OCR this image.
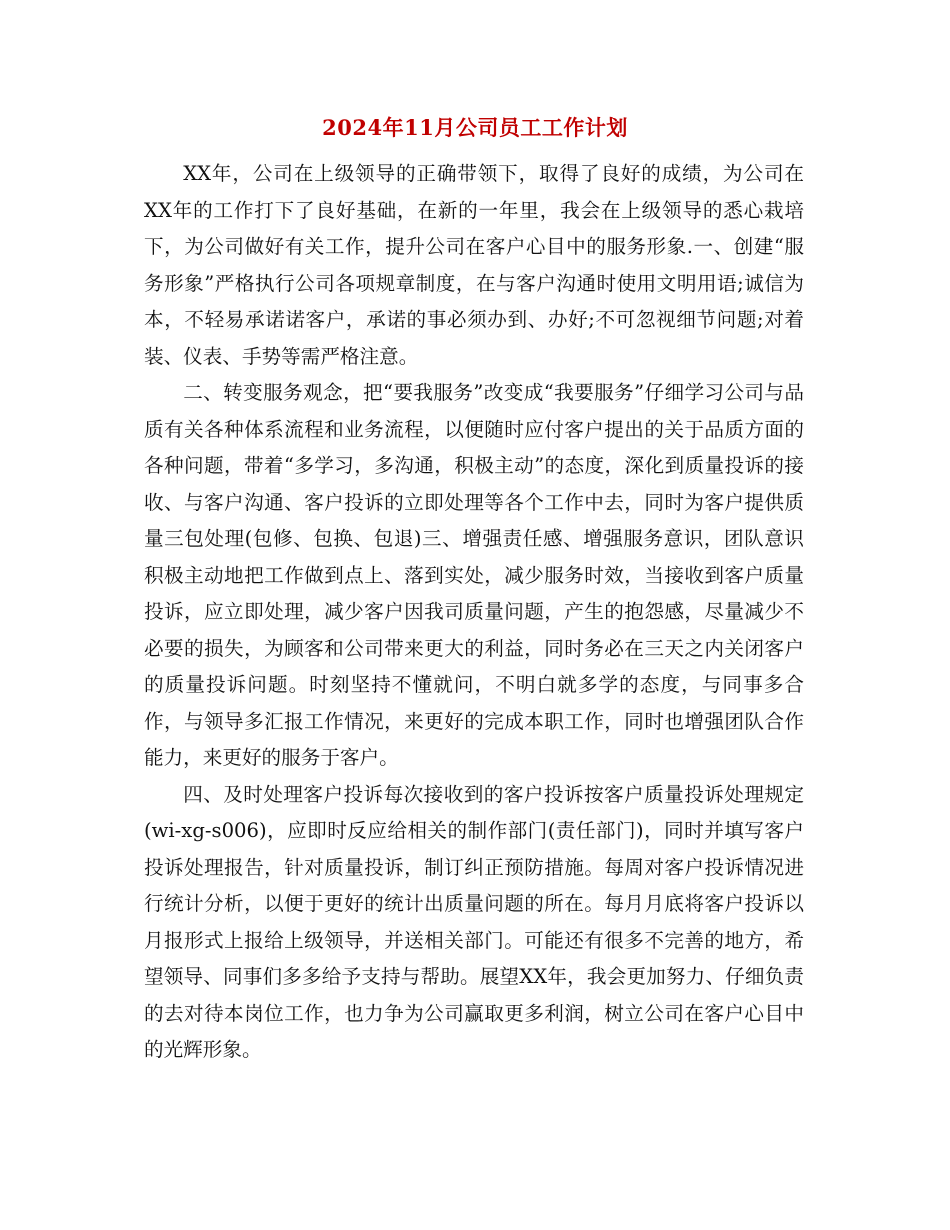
2024年11月公司员工工作计划

XX年，公司在上级领导的正确带领下，取得了良好的成绩，为公司在XX年的工作打下了良好基础，在新的一年里，我会在上级领导的悉心栽培下，为公司做好有关工作，提升公司在客户心目中的服务形象.一、创建“服务形象”严格执行公司各项规章制度，在与客户沟通时使用文明用语;诚信为本，不轻易承诺诺客户，承诺的事必须办到、办好;不可忽视细节问题;对着装、仪表、手势等需严格注意。

二、转变服务观念，把“要我服务”改变成“我要服务”仔细学习公司与品质有关各种体系流程和业务流程，以便随时应付客户提出的关于品质方面的各种问题，带着“多学习，多沟通，积极主动”的态度，深化到质量投诉的接收、与客户沟通、客户投诉的立即处理等各个工作中去，同时为客户提供质量三包处理(包修、包换、包退)三、增强责任感、增强服务意识，团队意识积极主动地把工作做到点上、落到实处，减少服务时效，当接收到客户质量投诉，应立即处理，减少客户因我司质量问题，产生的抱怨感，尽量减少不必要的损失，为顾客和公司带来更大的利益，同时务必在三天之内关闭客户的质量投诉问题。时刻坚持不懂就问，不明白就多学的态度，与同事多合作，与领导多汇报工作情况，来更好的完成本职工作，同时也增强团队合作能力，来更好的服务于客户。

四、及时处理客户投诉每次接收到的客户投诉按客户质量投诉处理规定(wi-xg-s006)，应即时反应给相关的制作部门(责任部门)，同时并填写客户投诉处理报告，针对质量投诉，制订纠正预防措施。每周对客户投诉情况进行统计分析，以便于更好的统计出质量问题的所在。每月月底将客户投诉以月报形式上报给上级领导，并送相关部门。可能还有很多不完善的地方，希望领导、同事们多多给予支持与帮助。展望XX年，我会更加努力、仔细负责的去对待本岗位工作，也力争为公司赢取更多利润，树立公司在客户心目中的光辉形象。
